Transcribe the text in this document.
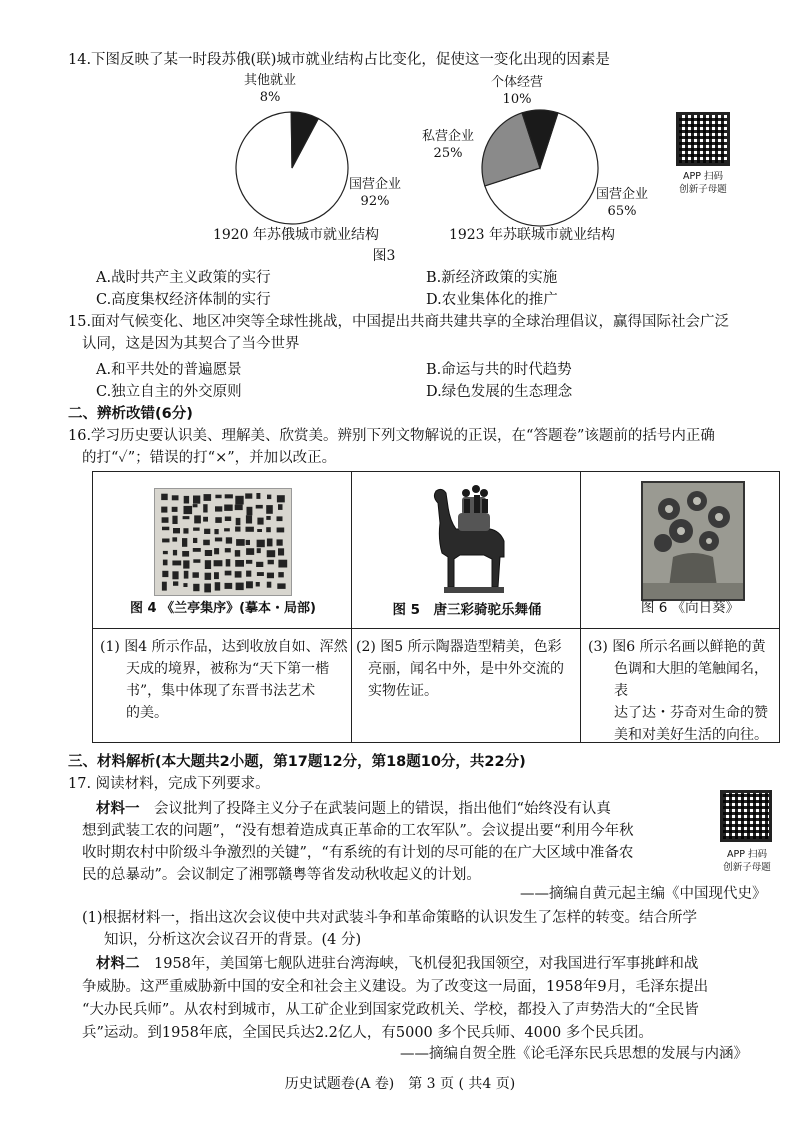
14.下图反映了某一时段苏俄(联)城市就业结构占比变化，促使这一变化出现的因素是
其他就业
8%
国营企业
92%
1920 年苏俄城市就业结构
个体经营
10%
私营企业
25%
国营企业
65%
1923 年苏联城市就业结构
图3
APP 扫码
创新子母题
A.战时共产主义政策的实行	B.新经济政策的实施
C.高度集权经济体制的实行	D.农业集体化的推广
15.面对气候变化、地区冲突等全球性挑战，中国提出共商共建共享的全球治理倡议，赢得国际社会广泛
认同，这是因为其契合了当今世界
A.和平共处的普遍愿景	B.命运与共的时代趋势
C.独立自主的外交原则	D.绿色发展的生态理念
二、辨析改错(6分)
16.学习历史要认识美、理解美、欣赏美。辨别下列文物解说的正误，在“答题卷”该题前的括号内正确
的打“✓”；错误的打“×”，并加以改正。
图 4 《兰亭集序》(摹本・局部)	图 5　唐三彩骑驼乐舞俑	图 6 《向日葵》
(1) 图4 所示作品，达到收放自如、浑然
天成的境界，被称为“天下第一楷
书”，集中体现了东晋书法艺术
的美。
(2) 图5 所示陶器造型精美，色彩
亮丽，闻名中外，是中外交流的
实物佐证。
(3) 图6 所示名画以鲜艳的黄
色调和大胆的笔触闻名，表
达了达・芬奇对生命的赞
美和对美好生活的向往。
三、材料解析(本大题共2小题，第17题12分，第18题10分，共22分)
17. 阅读材料，完成下列要求。
材料一　 会议批判了投降主义分子在武装问题上的错误，指出他们“始终没有认真
想到武装工农的问题”，“没有想着造成真正革命的工农军队”。会议提出要“利用今年秋
收时期农村中阶级斗争激烈的关键”，“有系统的有计划的尽可能的在广大区域中准备农
民的总暴动”。会议制定了湘鄂赣粤等省发动秋收起义的计划。
——摘编自黄元起主编《中国现代史》
APP 扫码
创新子母题
(1)根据材料一，指出这次会议使中共对武装斗争和革命策略的认识发生了怎样的转变。结合所学
知识，分析这次会议召开的背景。(4 分)
材料二　 1958年，美国第七舰队进驻台湾海峡，飞机侵犯我国领空，对我国进行军事挑衅和战
争威胁。这严重威胁新中国的安全和社会主义建设。为了改变这一局面，1958年9月，毛泽东提出
“大办民兵师”。从农村到城市，从工矿企业到国家党政机关、学校，都投入了声势浩大的“全民皆
兵”运动。到1958年底，全国民兵达2.2亿人，有5000 多个民兵师、4000 多个民兵团。
——摘编自贺全胜《论毛泽东民兵思想的发展与内涵》
历史试题卷(A 卷)　第 3 页 ( 共4 页)
